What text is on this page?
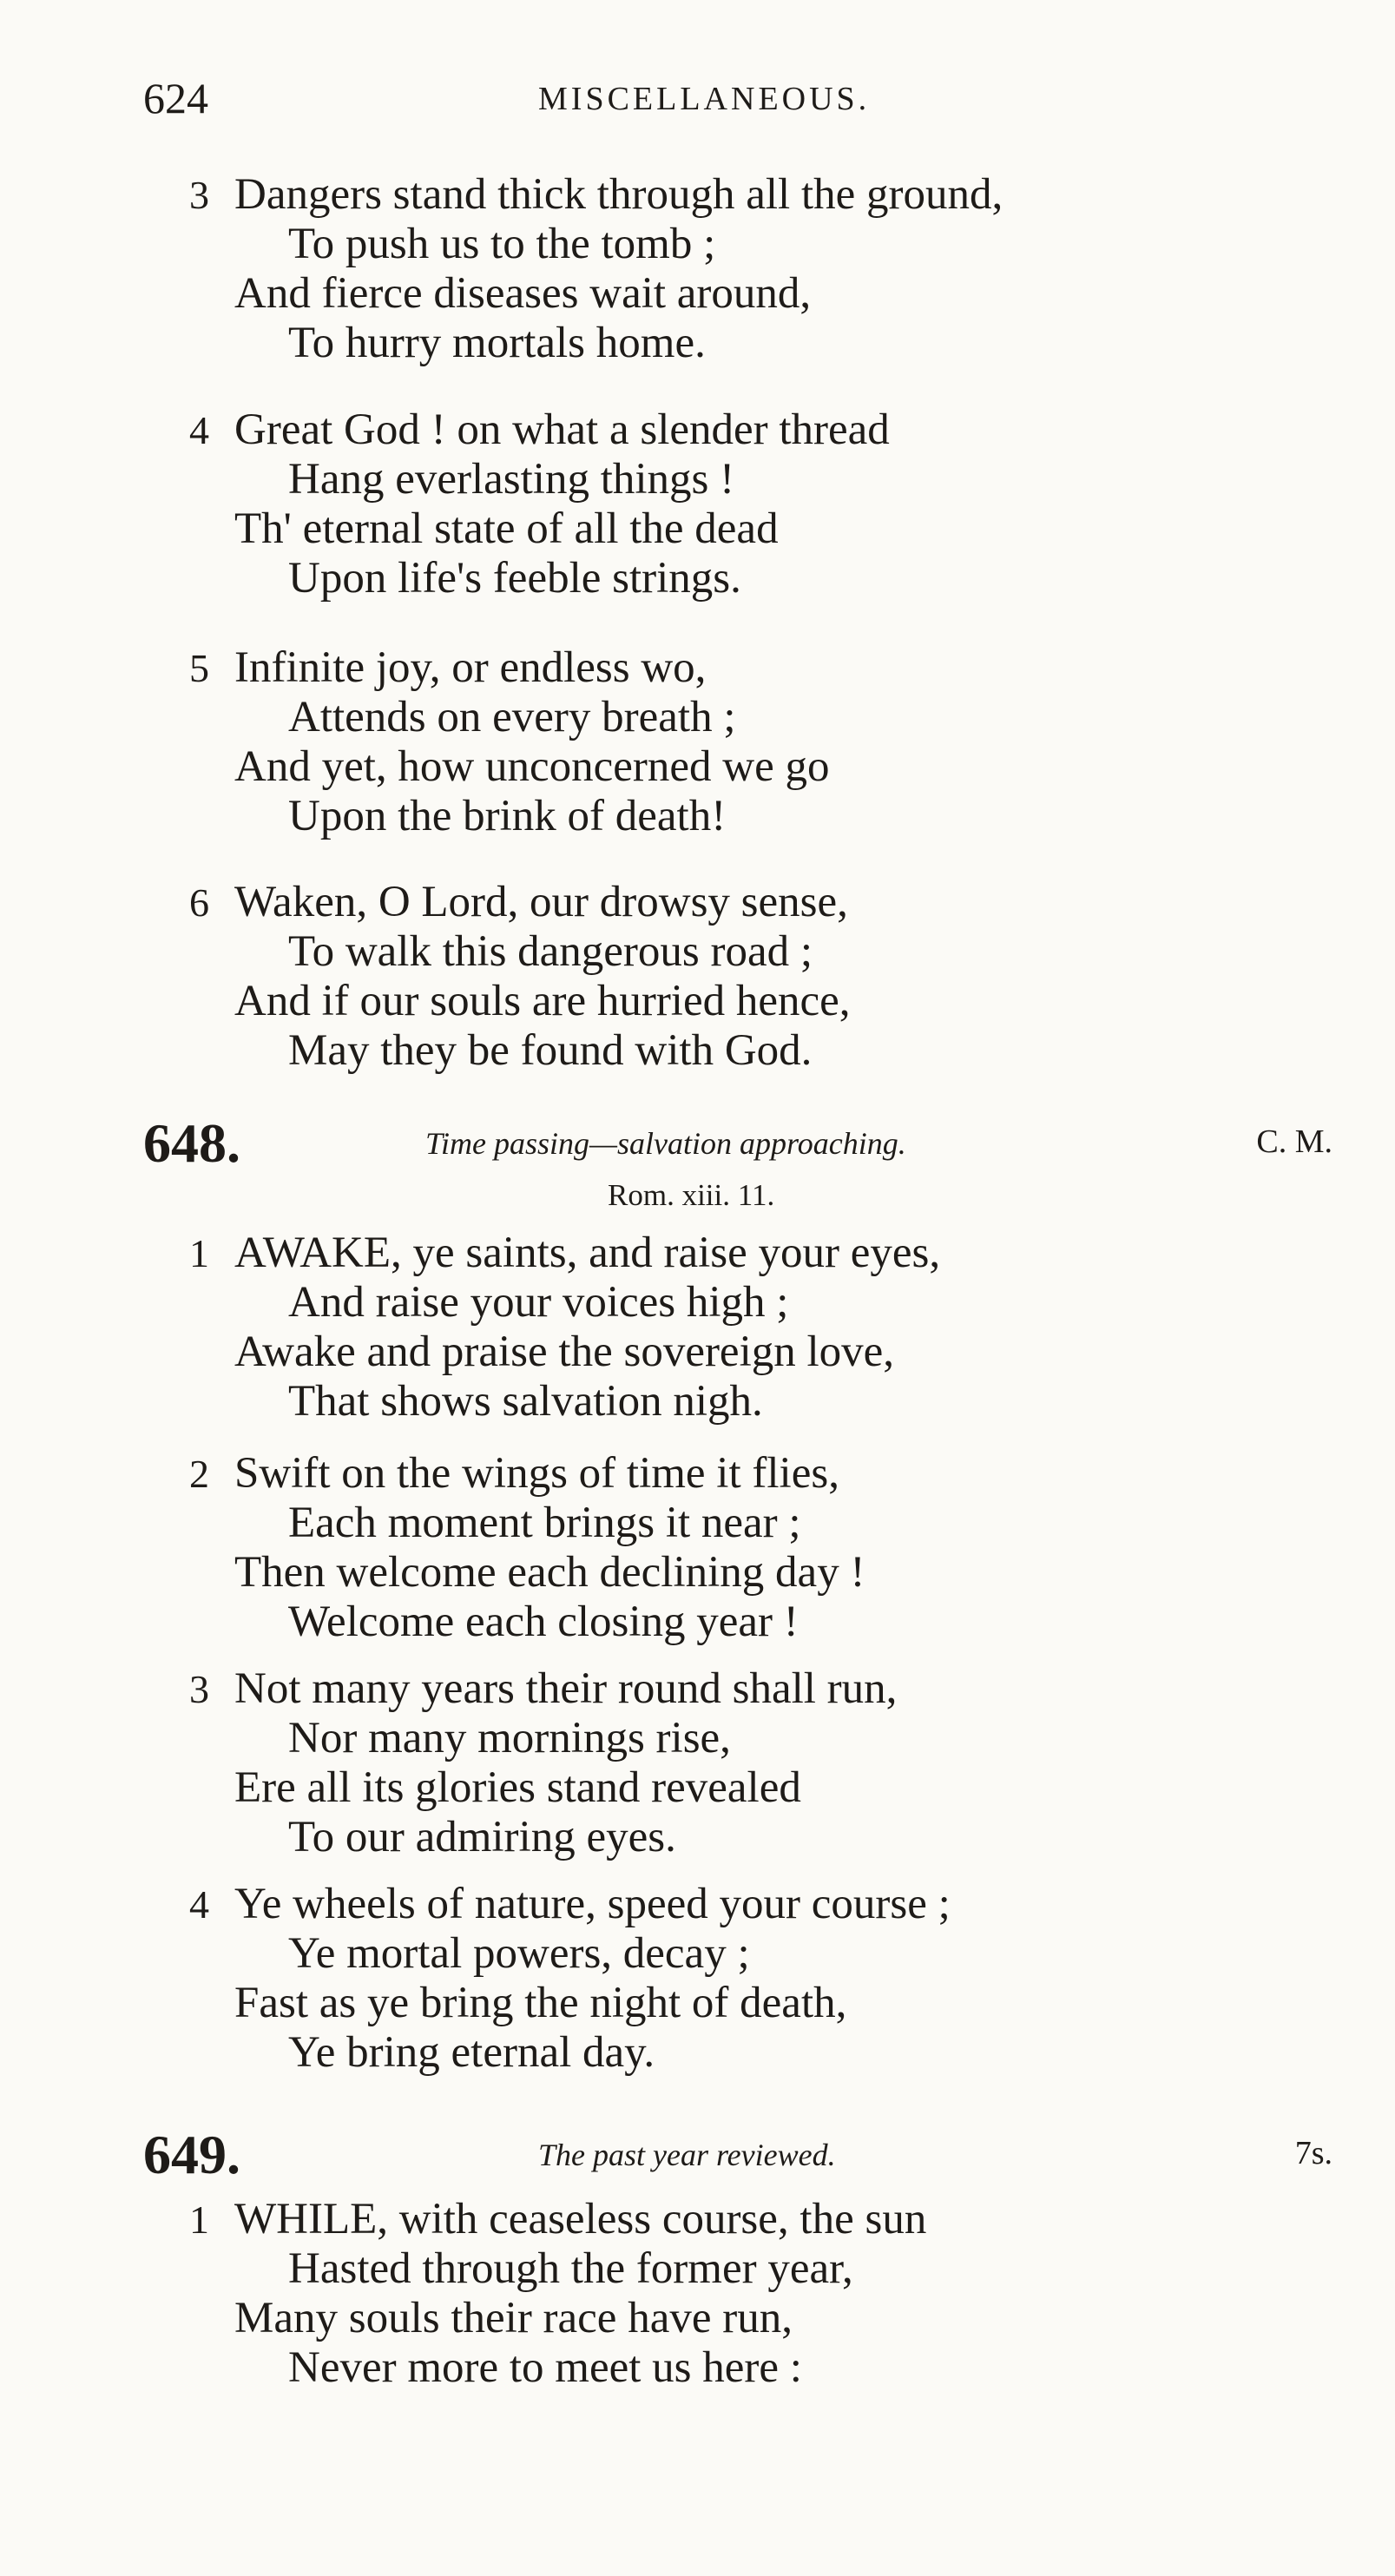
624	MISCELLANEOUS.
3 Dangers stand thick through all the ground,
To push us to the tomb ;
And fierce diseases wait around,
To hurry mortals home.
4 Great God ! on what a slender thread
Hang everlasting things !
Th' eternal state of all the dead
Upon life's feeble strings.
5 Infinite joy, or endless wo,
Attends on every breath ;
And yet, how unconcerned we go
Upon the brink of death!
6 Waken, O Lord, our drowsy sense,
To walk this dangerous road ;
And if our souls are hurried hence,
May they be found with God.
648.	Time passing—salvation approaching.	C. M.
Rom. xiii. 11.
1 AWAKE, ye saints, and raise your eyes,
And raise your voices high ;
Awake and praise the sovereign love,
That shows salvation nigh.
2 Swift on the wings of time it flies,
Each moment brings it near ;
Then welcome each declining day !
Welcome each closing year !
3 Not many years their round shall run,
Nor many mornings rise,
Ere all its glories stand revealed
To our admiring eyes.
4 Ye wheels of nature, speed your course ;
Ye mortal powers, decay ;
Fast as ye bring the night of death,
Ye bring eternal day.
649.	The past year reviewed.	7s.
1 WHILE, with ceaseless course, the sun
Hasted through the former year,
Many souls their race have run,
Never more to meet us here :
